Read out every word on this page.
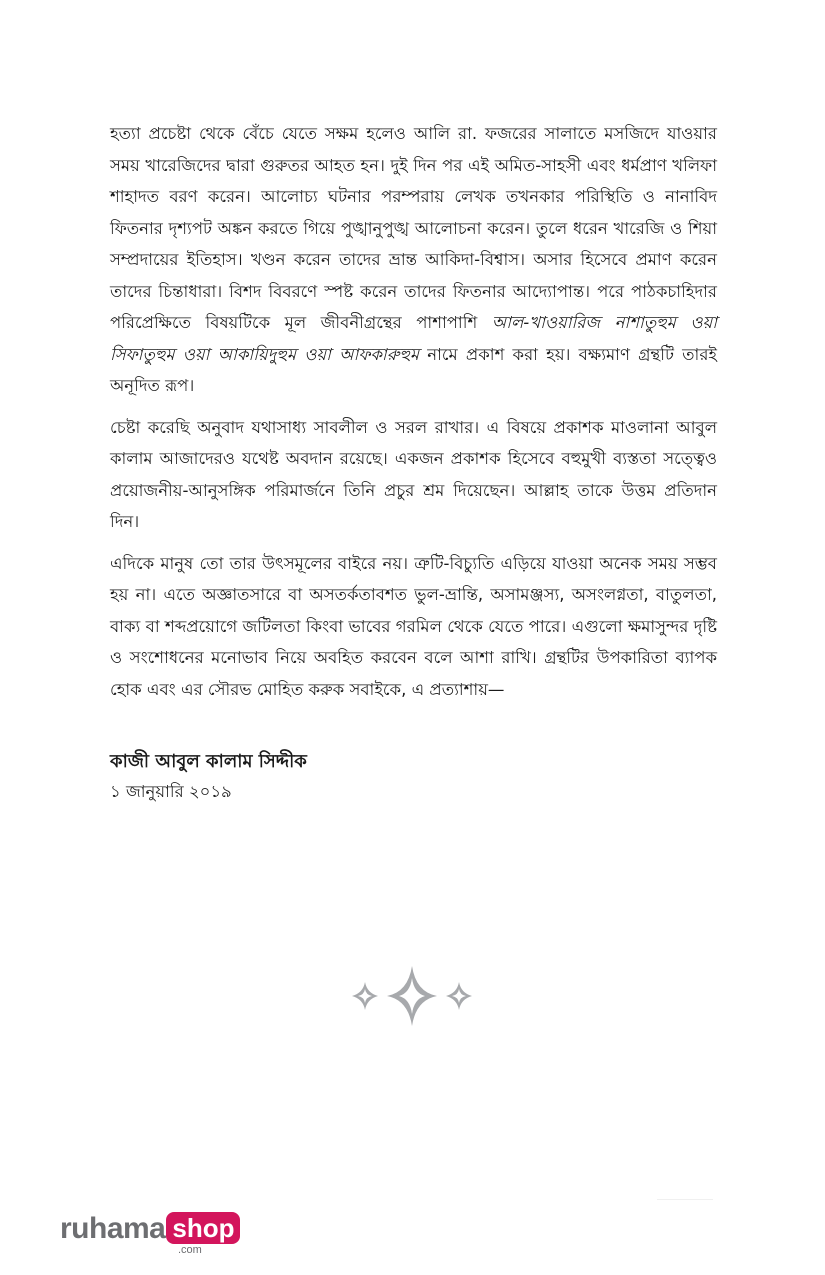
হত্যা প্রচেষ্টা থেকে বেঁচে যেতে সক্ষম হলেও আলি রা. ফজরের সালাতে মসজিদে যাওয়ার সময় খারেজিদের দ্বারা গুরুতর আহত হন। দুই দিন পর এই অমিত-সাহসী এবং ধর্মপ্রাণ খলিফা শাহাদত বরণ করেন। আলোচ্য ঘটনার পরম্পরায় লেখক তখনকার পরিস্থিতি ও নানাবিদ ফিতনার দৃশ্যপট অঙ্কন করতে গিয়ে পুঙ্খানুপুঙ্খ আলোচনা করেন। তুলে ধরেন খারেজি ও শিয়া সম্প্রদায়ের ইতিহাস। খণ্ডন করেন তাদের ভ্রান্ত আকিদা-বিশ্বাস। অসার হিসেবে প্রমাণ করেন তাদের চিন্তাধারা। বিশদ বিবরণে স্পষ্ট করেন তাদের ফিতনার আদ্যোপান্ত। পরে পাঠকচাহিদার পরিপ্রেক্ষিতে বিষয়টিকে মূল জীবনীগ্রন্থের পাশাপাশি আল-খাওয়ারিজ নাশাতুহুম ওয়া সিফাতুহুম ওয়া আকায়িদুহুম ওয়া আফকারুহুম নামে প্রকাশ করা হয়। বক্ষ্যমাণ গ্রন্থটি তারই অনূদিত রূপ।

চেষ্টা করেছি অনুবাদ যথাসাধ্য সাবলীল ও সরল রাখার। এ বিষয়ে প্রকাশক মাওলানা আবুল কালাম আজাদেরও যথেষ্ট অবদান রয়েছে। একজন প্রকাশক হিসেবে বহুমুখী ব্যস্ততা সত্ত্বেও প্রয়োজনীয়-আনুসঙ্গিক পরিমার্জনে তিনি প্রচুর শ্রম দিয়েছেন। আল্লাহ তাকে উত্তম প্রতিদান দিন।

এদিকে মানুষ তো তার উৎসমূলের বাইরে নয়। ত্রুটি-বিচ্যুতি এড়িয়ে যাওয়া অনেক সময় সম্ভব হয় না। এতে অজ্ঞাতসারে বা অসতর্কতাবশত ভুল-ভ্রান্তি, অসামঞ্জস্য, অসংলগ্নতা, বাতুলতা, বাক্য বা শব্দপ্রয়োগে জটিলতা কিংবা ভাবের গরমিল থেকে যেতে পারে। এগুলো ক্ষমাসুন্দর দৃষ্টি ও সংশোধনের মনোভাব নিয়ে অবহিত করবেন বলে আশা রাখি। গ্রন্থটির উপকারিতা ব্যাপক হোক এবং এর সৌরভ মোহিত করুক সবাইকে, এ প্রত্যাশায়—

কাজী আবুল কালাম সিদ্দীক
১ জানুয়ারি ২০১৯
ruhama shop
.com
